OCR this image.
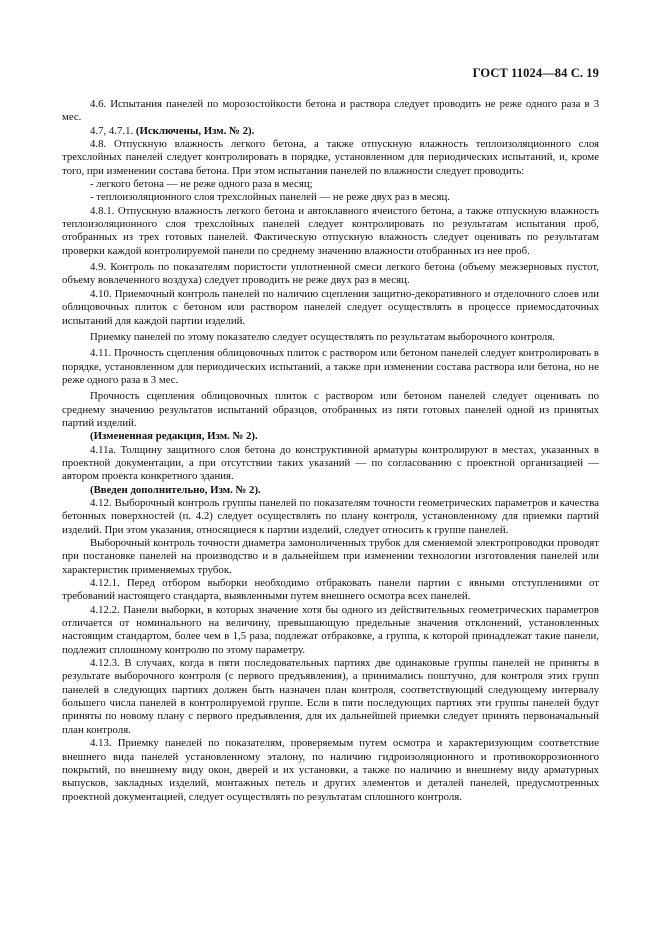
ГОСТ 11024—84 С. 19

4.6. Испытания панелей по морозостойкости бетона и раствора следует проводить не реже одного раза в 3 мес.

4.7, 4.7.1. (Исключены, Изм. № 2).

4.8. Отпускную влажность легкого бетона, а также отпускную влажность теплоизоляционного слоя трехслойных панелей следует контролировать в порядке, установленном для периодических испытаний, и, кроме того, при изменении состава бетона. При этом испытания панелей по влажности следует проводить:

- легкого бетона — не реже одного раза в месяц;

- теплоизоляционного слоя трехслойных панелей — не реже двух раз в месяц.

4.8.1. Отпускную влажность легкого бетона и автоклавного ячеистого бетона, а также отпускную влажность теплоизоляционного слоя трехслойных панелей следует контролировать по результатам испытания проб, отобранных из трех готовых панелей. Фактическую отпускную влажность следует оценивать по результатам проверки каждой контролируемой панели по среднему значению влажности отобранных из нее проб.

4.9. Контроль по показателям пористости уплотненной смеси легкого бетона (объему межзерновых пустот, объему вовлеченного воздуха) следует проводить не реже двух раз в месяц.

4.10. Приемочный контроль панелей по наличию сцепления защитно-декоративного и отделочного слоев или облицовочных плиток с бетоном или раствором панелей следует осуществлять в процессе приемосдаточных испытаний для каждой партии изделий.

Приемку панелей по этому показателю следует осуществлять по результатам выборочного контроля.

4.11. Прочность сцепления облицовочных плиток с раствором или бетоном панелей следует контролировать в порядке, установленном для периодических испытаний, а также при изменении состава раствора или бетона, но не реже одного раза в 3 мес.

Прочность сцепления облицовочных плиток с раствором или бетоном панелей следует оценивать по среднему значению результатов испытаний образцов, отобранных из пяти готовых панелей одной из принятых партий изделий.

(Измененная редакция, Изм. № 2).

4.11а. Толщину защитного слоя бетона до конструктивной арматуры контролируют в местах, указанных в проектной документации, а при отсутствии таких указаний — по согласованию с проектной организацией — автором проекта конкретного здания.

(Введен дополнительно, Изм. № 2).

4.12. Выборочный контроль группы панелей по показателям точности геометрических параметров и качества бетонных поверхностей (п. 4.2) следует осуществлять по плану контроля, установленному для приемки партий изделий. При этом указания, относящиеся к партии изделий, следует относить к группе панелей.

Выборочный контроль точности диаметра замоноличенных трубок для сменяемой электропроводки проводят при постановке панелей на производство и в дальнейшем при изменении технологии изготовления панелей или характеристик применяемых трубок.

4.12.1. Перед отбором выборки необходимо отбраковать панели партии с явными отступлениями от требований настоящего стандарта, выявленными путем внешнего осмотра всех панелей.

4.12.2. Панели выборки, в которых значение хотя бы одного из действительных геометрических параметров отличается от номинального на величину, превышающую предельные значения отклонений, установленных настоящим стандартом, более чем в 1,5 раза, подлежат отбраковке, а группа, к которой принадлежат такие панели, подлежит сплошному контролю по этому параметру.

4.12.3. В случаях, когда в пяти последовательных партиях две одинаковые группы панелей не приняты в результате выборочного контроля (с первого предъявления), а принимались поштучно, для контроля этих групп панелей в следующих партиях должен быть назначен план контроля, соответствующий следующему интервалу большего числа панелей в контролируемой группе. Если в пяти последующих партиях эти группы панелей будут приняты по новому плану с первого предъявления, для их дальнейшей приемки следует принять первоначальный план контроля.

4.13. Приемку панелей по показателям, проверяемым путем осмотра и характеризующим соответствие внешнего вида панелей установленному эталону, по наличию гидроизоляционного и противокоррозионного покрытий, по внешнему виду окон, дверей и их установки, а также по наличию и внешнему виду арматурных выпусков, закладных изделий, монтажных петель и других элементов и деталей панелей, предусмотренных проектной документацией, следует осуществлять по результатам сплошного контроля.
